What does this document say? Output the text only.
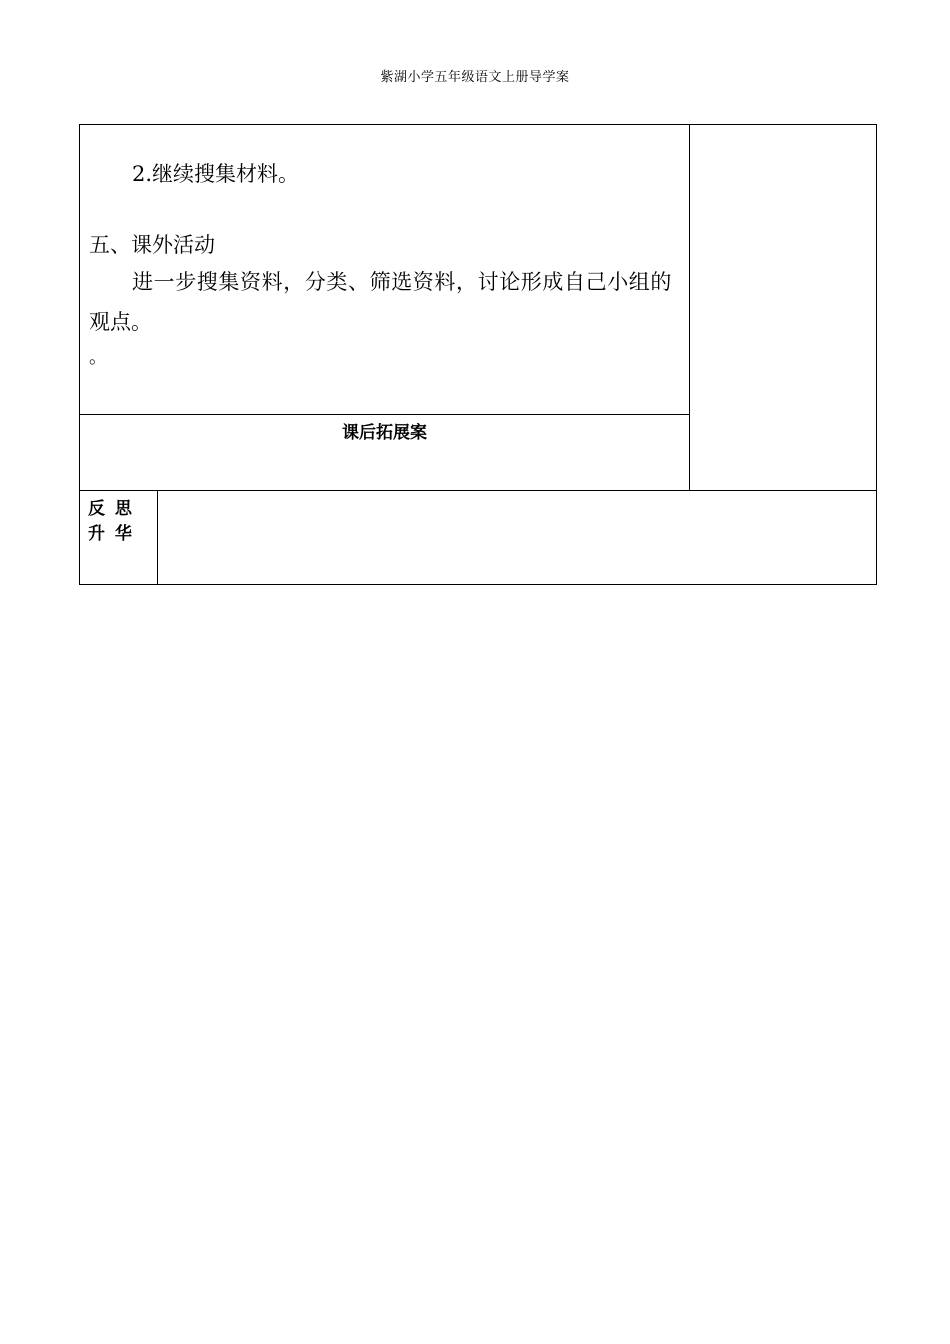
紫湖小学五年级语文上册导学案
2.继续搜集材料。
五、课外活动
进一步搜集资料，分类、筛选资料，讨论形成自己小组的
观点。
。
课后拓展案
反 思
升 华
